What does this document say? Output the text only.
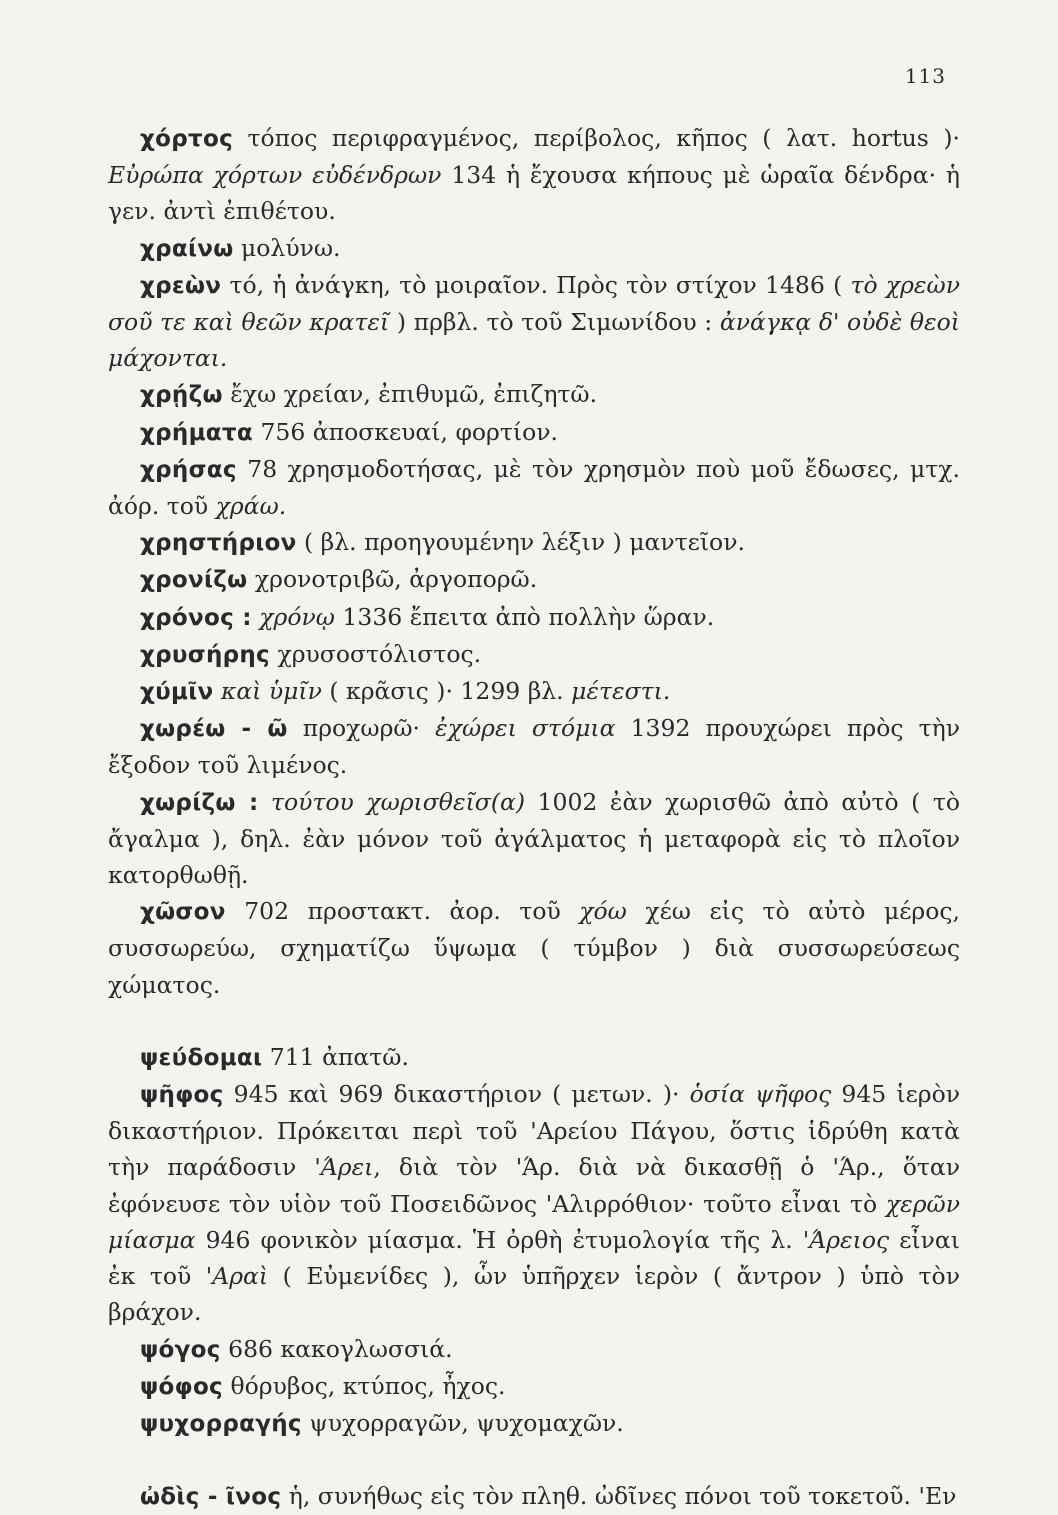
113

χόρτος τόπος περιφραγμένος, περίβολος, κῆπος ( λατ. hortus )· Εὐρώπα χόρτων εὐδένδρων 134 ἡ ἔχουσα κήπους μὲ ὡραῖα δένδρα· ἡ γεν. ἀντὶ ἐπιθέτου.

χραίνω μολύνω.

χρεὼν τό, ἡ ἀνάγκη, τὸ μοιραῖον. Πρὸς τὸν στίχον 1486 ( τὸ χρεὼν σοῦ τε καὶ θεῶν κρατεῖ ) πρβλ. τὸ τοῦ Σιμωνίδου : ἀνάγκᾳ δ' οὐδὲ θεοὶ μάχονται.

χρῄζω ἔχω χρείαν, ἐπιθυμῶ, ἐπιζητῶ.

χρήματα 756 ἀποσκευαί, φορτίον.

χρήσας 78 χρησμοδοτήσας, μὲ τὸν χρησμὸν ποὺ μοῦ ἔδωσες, μτχ. ἀόρ. τοῦ χράω.

χρηστήριον ( βλ. προηγουμένην λέξιν ) μαντεῖον.

χρονίζω χρονοτριβῶ, ἀργοπορῶ.

χρόνος : χρόνῳ 1336 ἔπειτα ἀπὸ πολλὴν ὥραν.

χρυσήρης χρυσοστόλιστος.

χύμῖν καὶ ὑμῖν ( κρᾶσις )· 1299 βλ. μέτεστι.

χωρέω - ῶ προχωρῶ· ἐχώρει στόμια 1392 προυχώρει πρὸς τὴν ἔξοδον τοῦ λιμένος.

χωρίζω : τούτου χωρισθεῖσ(α) 1002 ἐὰν χωρισθῶ ἀπὸ αὐτὸ ( τὸ ἄγαλμα ), δηλ. ἐὰν μόνον τοῦ ἀγάλματος ἡ μεταφορὰ εἰς τὸ πλοῖον κατορθωθῇ.

χῶσον 702 προστακτ. ἀορ. τοῦ χόω χέω εἰς τὸ αὐτὸ μέρος, συσσωρεύω, σχηματίζω ὕψωμα ( τύμβον ) διὰ συσσωρεύσεως χώματος.

ψεύδομαι 711 ἀπατῶ.

ψῆφος 945 καὶ 969 δικαστήριον ( μετων. )· ὁσία ψῆφος 945 ἱερὸν δικαστήριον. Πρόκειται περὶ τοῦ 'Αρείου Πάγου, ὅστις ἱδρύθη κατὰ τὴν παράδοσιν 'Άρει, διὰ τὸν 'Άρ. διὰ νὰ δικασθῇ ὁ 'Άρ., ὅταν ἐφόνευσε τὸν υἱὸν τοῦ Ποσειδῶνος 'Αλιρρόθιον· τοῦτο εἶναι τὸ χερῶν μίασμα 946 φονικὸν μίασμα. Ἡ ὀρθὴ ἐτυμολογία τῆς λ. 'Άρειος εἶναι ἐκ τοῦ 'Αραὶ ( Εὐμενίδες ), ὧν ὑπῆρχεν ἱερὸν ( ἄντρον ) ὑπὸ τὸν βράχον.

ψόγος 686 κακογλωσσιά.

ψόφος θόρυβος, κτύπος, ἦχος.

ψυχορραγής ψυχορραγῶν, ψυχομαχῶν.

ὠδὶς - ῖνος ἡ, συνήθως εἰς τὸν πληθ. ὠδῖνες πόνοι τοῦ τοκετοῦ. 'Εν
